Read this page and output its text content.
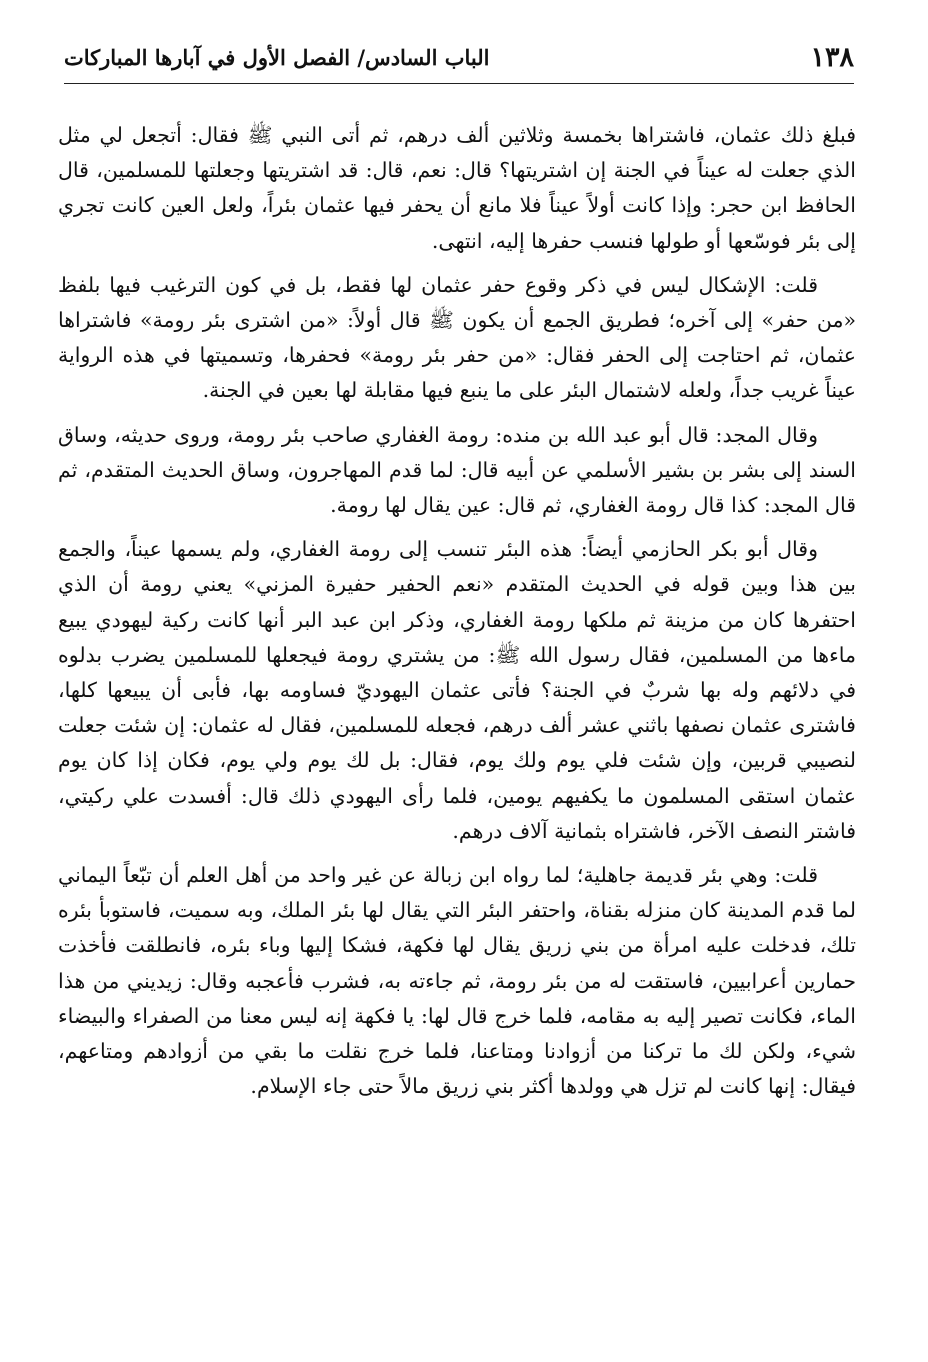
١٣٨
الباب السادس/ الفصل الأول في آبارها المباركات

فبلغ ذلك عثمان، فاشتراها بخمسة وثلاثين ألف درهم، ثم أتى النبي ﷺ فقال: أتجعل لي مثل الذي جعلت له عيناً في الجنة إن اشتريتها؟ قال: نعم، قال: قد اشتريتها وجعلتها للمسلمين، قال الحافظ ابن حجر: وإذا كانت أولاً عيناً فلا مانع أن يحفر فيها عثمان بئراً، ولعل العين كانت تجري إلى بئر فوسّعها أو طولها فنسب حفرها إليه، انتهى.

قلت: الإشكال ليس في ذكر وقوع حفر عثمان لها فقط، بل في كون الترغيب فيها بلفظ «من حفر» إلى آخره؛ فطريق الجمع أن يكون ﷺ قال أولاً: «من اشترى بئر رومة» فاشتراها عثمان، ثم احتاجت إلى الحفر فقال: «من حفر بئر رومة» فحفرها، وتسميتها في هذه الرواية عيناً غريب جداً، ولعله لاشتمال البئر على ما ينبع فيها مقابلة لها بعين في الجنة.

وقال المجد: قال أبو عبد الله بن منده: رومة الغفاري صاحب بئر رومة، وروى حديثه، وساق السند إلى بشر بن بشير الأسلمي عن أبيه قال: لما قدم المهاجرون، وساق الحديث المتقدم، ثم قال المجد: كذا قال رومة الغفاري، ثم قال: عين يقال لها رومة.

وقال أبو بكر الحازمي أيضاً: هذه البئر تنسب إلى رومة الغفاري، ولم يسمها عيناً، والجمع بين هذا وبين قوله في الحديث المتقدم «نعم الحفير حفيرة المزني» يعني رومة أن الذي احتفرها كان من مزينة ثم ملكها رومة الغفاري، وذكر ابن عبد البر أنها كانت ركية ليهودي يبيع ماءها من المسلمين، فقال رسول الله ﷺ: من يشتري رومة فيجعلها للمسلمين يضرب بدلوه في دلائهم وله بها شربٌ في الجنة؟ فأتى عثمان اليهوديّ فساومه بها، فأبى أن يبيعها كلها، فاشترى عثمان نصفها باثني عشر ألف درهم، فجعله للمسلمين، فقال له عثمان: إن شئت جعلت لنصيبي قربين، وإن شئت فلي يوم ولك يوم، فقال: بل لك يوم ولي يوم، فكان إذا كان يوم عثمان استقى المسلمون ما يكفيهم يومين، فلما رأى اليهودي ذلك قال: أفسدت علي ركيتي، فاشتر النصف الآخر، فاشتراه بثمانية آلاف درهم.

قلت: وهي بئر قديمة جاهلية؛ لما رواه ابن زبالة عن غير واحد من أهل العلم أن تبّعاً اليماني لما قدم المدينة كان منزله بقناة، واحتفر البئر التي يقال لها بئر الملك، وبه سميت، فاستوبأ بئره تلك، فدخلت عليه امرأة من بني زريق يقال لها فكهة، فشكا إليها وباء بئره، فانطلقت فأخذت حمارين أعرابيين، فاستقت له من بئر رومة، ثم جاءته به، فشرب فأعجبه وقال: زيديني من هذا الماء، فكانت تصير إليه به مقامه، فلما خرج قال لها: يا فكهة إنه ليس معنا من الصفراء والبيضاء شيء، ولكن لك ما تركنا من أزوادنا ومتاعنا، فلما خرج نقلت ما بقي من أزوادهم ومتاعهم، فيقال: إنها كانت لم تزل هي وولدها أكثر بني زريق مالاً حتى جاء الإسلام.
